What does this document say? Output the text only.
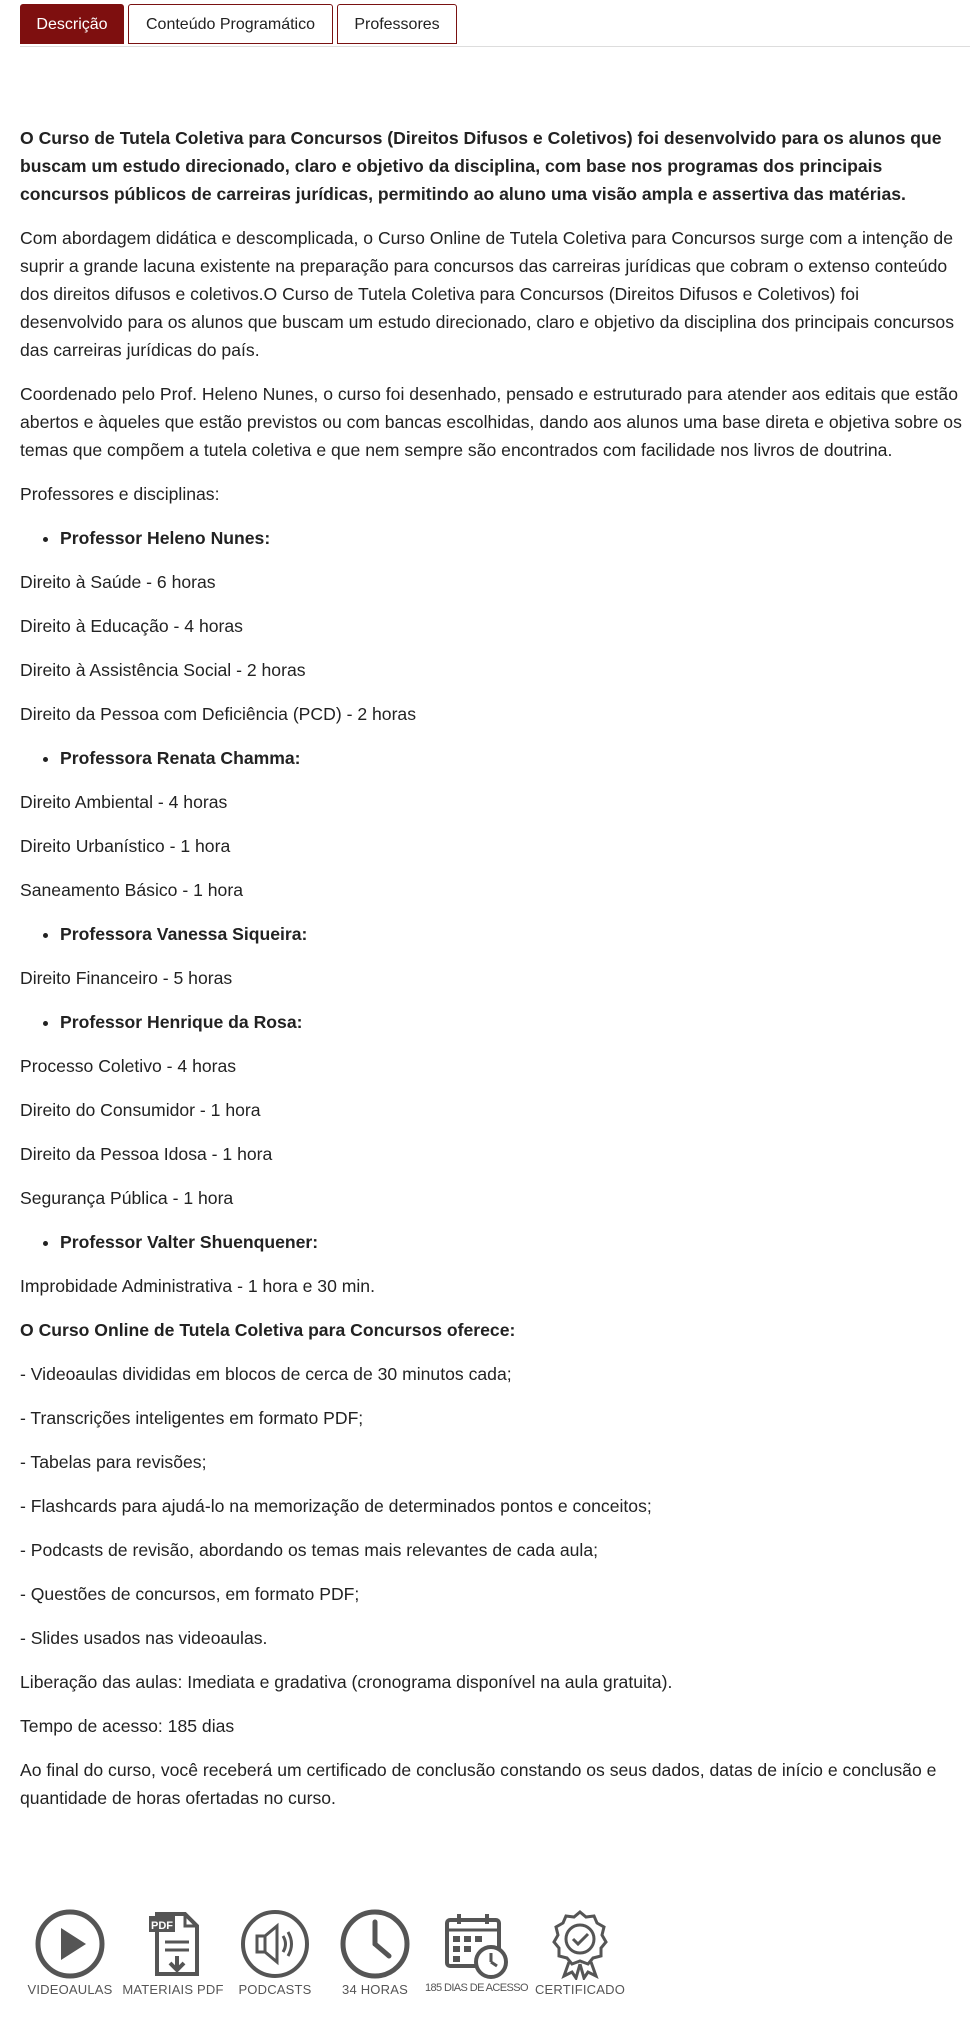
Descrição	Conteúdo Programático	Professores

O Curso de Tutela Coletiva para Concursos (Direitos Difusos e Coletivos) foi desenvolvido para os alunos que buscam um estudo direcionado, claro e objetivo da disciplina, com base nos programas dos principais concursos públicos de carreiras jurídicas, permitindo ao aluno uma visão ampla e assertiva das matérias.

Com abordagem didática e descomplicada, o Curso Online de Tutela Coletiva para Concursos surge com a intenção de suprir a grande lacuna existente na preparação para concursos das carreiras jurídicas que cobram o extenso conteúdo dos direitos difusos e coletivos.O Curso de Tutela Coletiva para Concursos (Direitos Difusos e Coletivos) foi desenvolvido para os alunos que buscam um estudo direcionado, claro e objetivo da disciplina dos principais concursos das carreiras jurídicas do país.

Coordenado pelo Prof. Heleno Nunes, o curso foi desenhado, pensado e estruturado para atender aos editais que estão abertos e àqueles que estão previstos ou com bancas escolhidas, dando aos alunos uma base direta e objetiva sobre os temas que compõem a tutela coletiva e que nem sempre são encontrados com facilidade nos livros de doutrina.

Professores e disciplinas:

• Professor Heleno Nunes:

Direito à Saúde - 6 horas

Direito à Educação - 4 horas

Direito à Assistência Social - 2 horas

Direito da Pessoa com Deficiência (PCD) - 2 horas

• Professora Renata Chamma:

Direito Ambiental - 4 horas

Direito Urbanístico - 1 hora

Saneamento Básico - 1 hora

• Professora Vanessa Siqueira:

Direito Financeiro - 5 horas

• Professor Henrique da Rosa:

Processo Coletivo - 4 horas

Direito do Consumidor - 1 hora

Direito da Pessoa Idosa - 1 hora

Segurança Pública - 1 hora

• Professor Valter Shuenquener:

Improbidade Administrativa - 1 hora e 30 min.

O Curso Online de Tutela Coletiva para Concursos oferece:

- Videoaulas divididas em blocos de cerca de 30 minutos cada;

- Transcrições inteligentes em formato PDF;

- Tabelas para revisões;

- Flashcards para ajudá-lo na memorização de determinados pontos e conceitos;

- Podcasts de revisão, abordando os temas mais relevantes de cada aula;

- Questões de concursos, em formato PDF;

- Slides usados nas videoaulas.

Liberação das aulas: Imediata e gradativa (cronograma disponível na aula gratuita).

Tempo de acesso: 185 dias

Ao final do curso, você receberá um certificado de conclusão constando os seus dados, datas de início e conclusão e quantidade de horas ofertadas no curso.

VIDEOAULAS
PDF
MATERIAIS PDF	PODCASTS	34 HORAS	185 DIAS DE ACESSO CERTIFICADO
